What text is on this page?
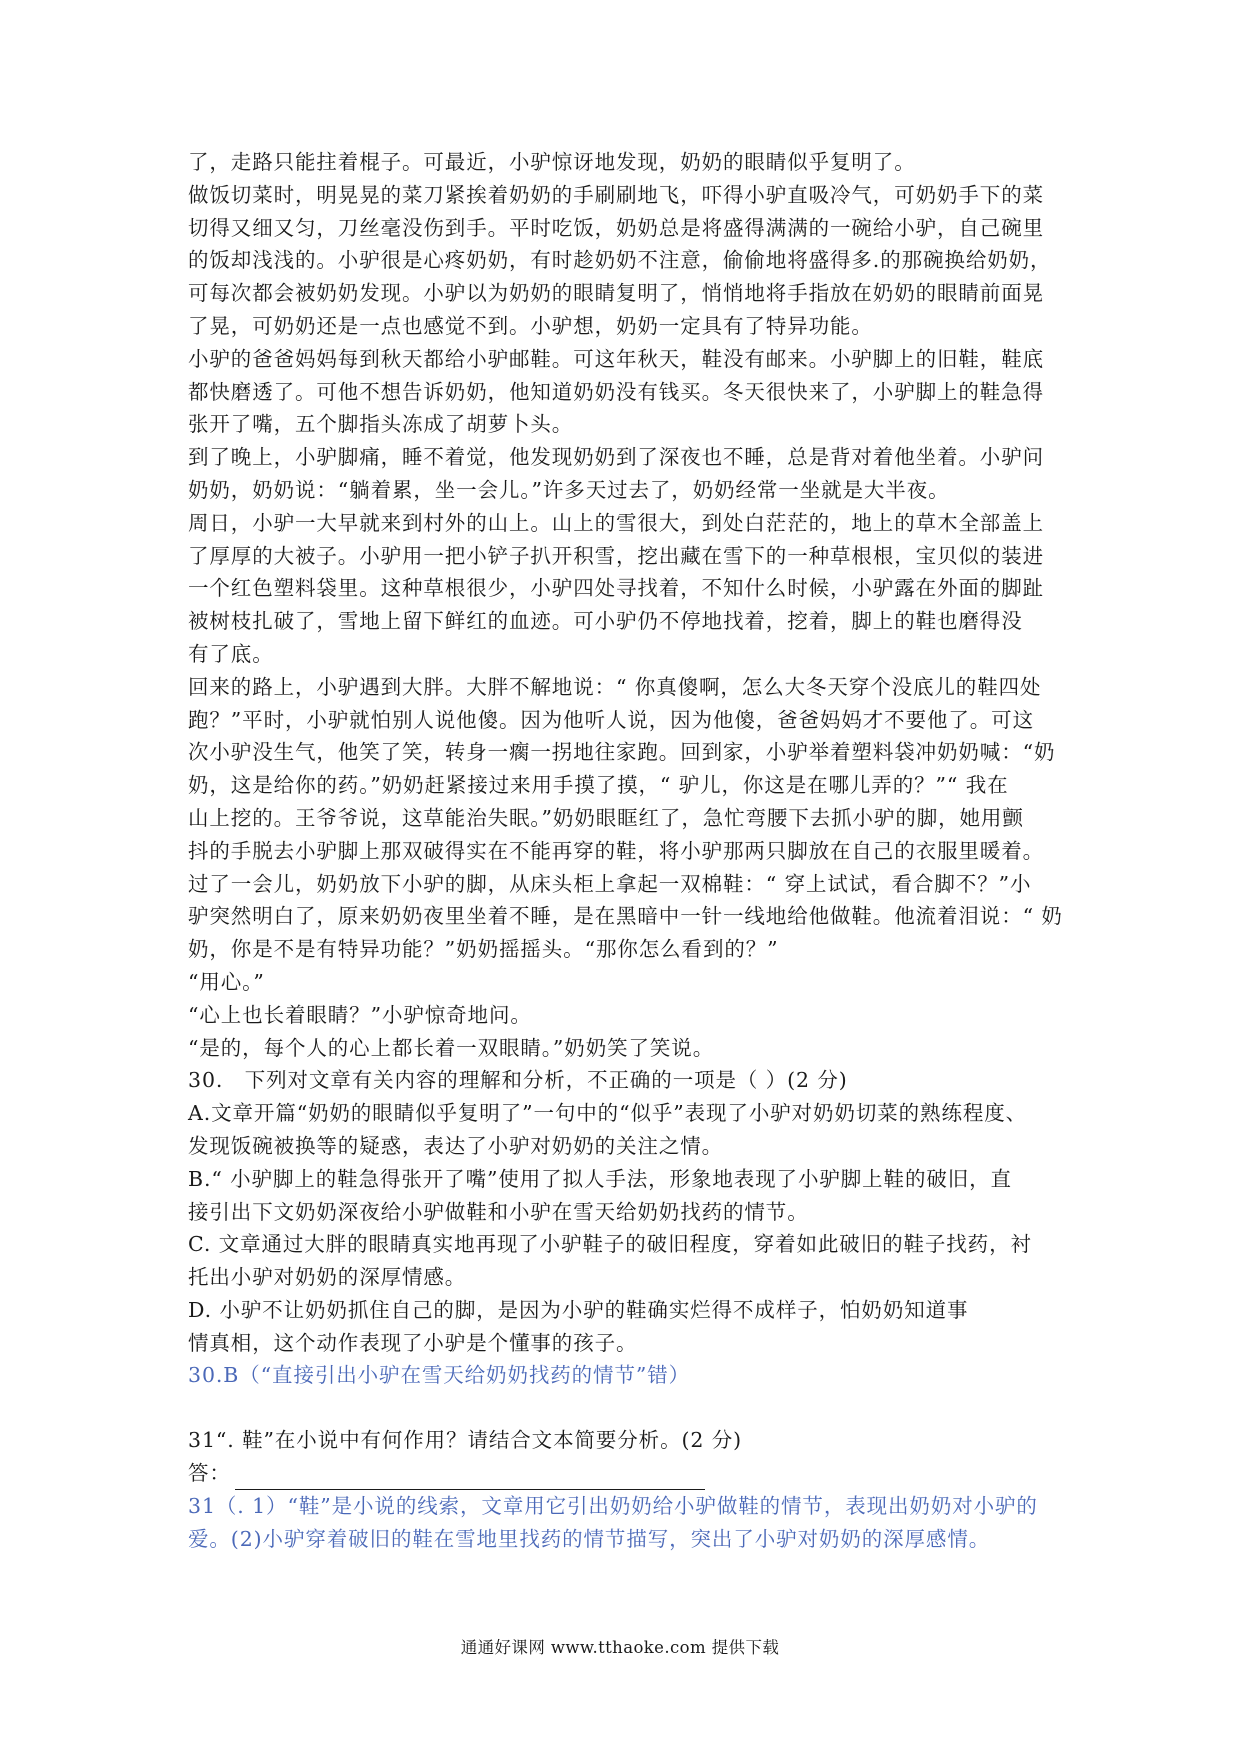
了，走路只能拄着棍子。可最近，小驴惊讶地发现，奶奶的眼睛似乎复明了。
做饭切菜时，明晃晃的菜刀紧挨着奶奶的手刷刷地飞，吓得小驴直吸冷气，可奶奶手下的菜
切得又细又匀，刀丝毫没伤到手。平时吃饭，奶奶总是将盛得满满的一碗给小驴，自己碗里
的饭却浅浅的。小驴很是心疼奶奶，有时趁奶奶不注意，偷偷地将盛得多.的那碗换给奶奶，
可每次都会被奶奶发现。小驴以为奶奶的眼睛复明了，悄悄地将手指放在奶奶的眼睛前面晃
了晃，可奶奶还是一点也感觉不到。小驴想，奶奶一定具有了特异功能。
小驴的爸爸妈妈每到秋天都给小驴邮鞋。可这年秋天，鞋没有邮来。小驴脚上的旧鞋，鞋底
都快磨透了。可他不想告诉奶奶，他知道奶奶没有钱买。冬天很快来了，小驴脚上的鞋急得
张开了嘴，五个脚指头冻成了胡萝卜头。
到了晚上，小驴脚痛，睡不着觉，他发现奶奶到了深夜也不睡，总是背对着他坐着。小驴问
奶奶，奶奶说：“躺着累，坐一会儿。”许多天过去了，奶奶经常一坐就是大半夜。
周日，小驴一大早就来到村外的山上。山上的雪很大，到处白茫茫的，地上的草木全部盖上
了厚厚的大被子。小驴用一把小铲子扒开积雪，挖出藏在雪下的一种草根根，宝贝似的装进
一个红色塑料袋里。这种草根很少，小驴四处寻找着，不知什么时候，小驴露在外面的脚趾
被树枝扎破了，雪地上留下鲜红的血迹。可小驴仍不停地找着，挖着，脚上的鞋也磨得没
有了底。
回来的路上，小驴遇到大胖。大胖不解地说：“ 你真傻啊，怎么大冬天穿个没底儿的鞋四处
跑？”平时，小驴就怕别人说他傻。因为他听人说，因为他傻，爸爸妈妈才不要他了。可这
次小驴没生气，他笑了笑，转身一瘸一拐地往家跑。回到家，小驴举着塑料袋冲奶奶喊：“奶
奶，这是给你的药。”奶奶赶紧接过来用手摸了摸，“ 驴儿，你这是在哪儿弄的？”“ 我在
山上挖的。王爷爷说，这草能治失眠。”奶奶眼眶红了，急忙弯腰下去抓小驴的脚，她用颤
抖的手脱去小驴脚上那双破得实在不能再穿的鞋，将小驴那两只脚放在自己的衣服里暖着。
过了一会儿，奶奶放下小驴的脚，从床头柜上拿起一双棉鞋：“ 穿上试试，看合脚不？”小
驴突然明白了，原来奶奶夜里坐着不睡，是在黑暗中一针一线地给他做鞋。他流着泪说：“ 奶
奶，你是不是有特异功能？”奶奶摇摇头。“那你怎么看到的？”
“用心。”
“心上也长着眼睛？”小驴惊奇地问。
“是的，每个人的心上都长着一双眼睛。”奶奶笑了笑说。
30.　下列对文章有关内容的理解和分析，不正确的一项是（ ）(2 分)
A.文章开篇“奶奶的眼睛似乎复明了”一句中的“似乎”表现了小驴对奶奶切菜的熟练程度、
发现饭碗被换等的疑惑，表达了小驴对奶奶的关注之情。
B.“ 小驴脚上的鞋急得张开了嘴”使用了拟人手法，形象地表现了小驴脚上鞋的破旧，直
接引出下文奶奶深夜给小驴做鞋和小驴在雪天给奶奶找药的情节。
C. 文章通过大胖的眼睛真实地再现了小驴鞋子的破旧程度，穿着如此破旧的鞋子找药，衬
托出小驴对奶奶的深厚情感。
D. 小驴不让奶奶抓住自己的脚，是因为小驴的鞋确实烂得不成样子，怕奶奶知道事
情真相，这个动作表现了小驴是个懂事的孩子。
30.B（“直接引出小驴在雪天给奶奶找药的情节”错）
31“. 鞋”在小说中有何作用？请结合文本简要分析。(2 分)
答：
31（. 1）“鞋”是小说的线索，文章用它引出奶奶给小驴做鞋的情节，表现出奶奶对小驴的
爱。(2)小驴穿着破旧的鞋在雪地里找药的情节描写，突出了小驴对奶奶的深厚感情。
通通好课网 www.tthaoke.com 提供下载
